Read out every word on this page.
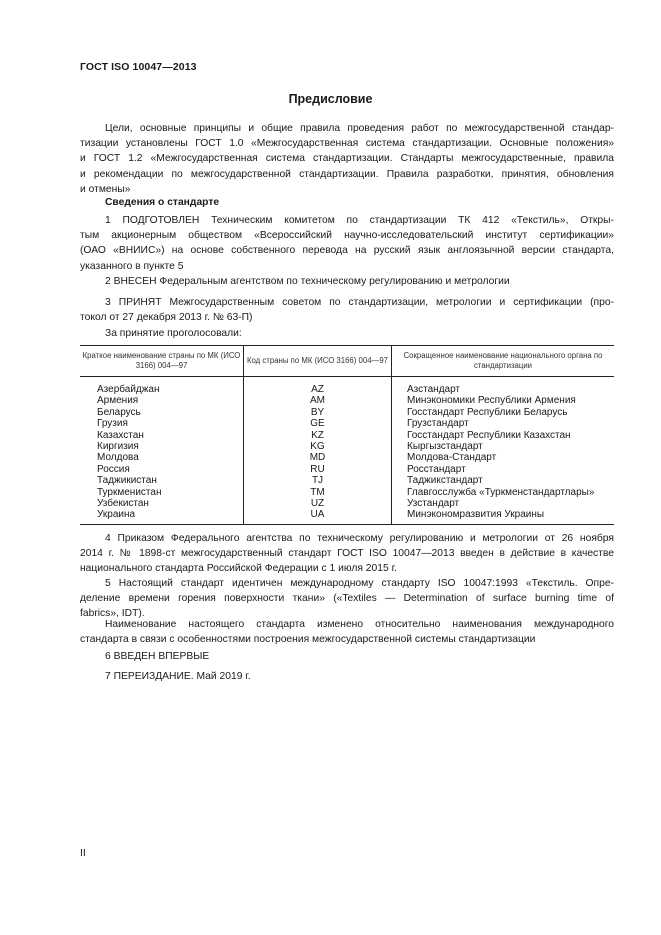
ГОСТ ISO 10047—2013
Предисловие
Цели, основные принципы и общие правила проведения работ по межгосударственной стандар-
тизации установлены ГОСТ 1.0 «Межгосударственная система стандартизации. Основные положения»
и ГОСТ 1.2 «Межгосударственная система стандартизации. Стандарты межгосударственные, правила
и рекомендации по межгосударственной стандартизации. Правила разработки, принятия, обновления
и отмены»
Сведения о стандарте
1 ПОДГОТОВЛЕН Техническим комитетом по стандартизации ТК 412 «Текстиль», Откры-
тым акционерным обществом «Всероссийский научно-исследовательский институт сертификации»
(ОАО «ВНИИС») на основе собственного перевода на русский язык англоязычной версии стандарта,
указанного в пункте 5
2 ВНЕСЕН Федеральным агентством по техническому регулированию и метрологии
3 ПРИНЯТ Межгосударственным советом по стандартизации, метрологии и сертификации (про-
токол от 27 декабря 2013 г. № 63-П)
За принятие проголосовали:
Краткое наименование страны по МК (ИСО 3166) 004—97	Код страны по МК (ИСО 3166) 004—97	Сокращенное наименование национального органа по стандартизации
Азербайджан	AZ	Азстандарт
Армения	AM	Минэкономики Республики Армения
Беларусь	BY	Госстандарт Республики Беларусь
Грузия	GE	Грузстандарт
Казахстан	KZ	Госстандарт Республики Казахстан
Киргизия	KG	Кыргызстандарт
Молдова	MD	Молдова-Стандарт
Россия	RU	Росстандарт
Таджикистан	TJ	Таджикстандарт
Туркменистан	TM	Главгосслужба «Туркменстандартлары»
Узбекистан	UZ	Узстандарт
Украина	UA	Минэкономразвития Украины
4 Приказом Федерального агентства по техническому регулированию и метрологии от 26 ноября
2014 г. № 1898-ст межгосударственный стандарт ГОСТ ISO 10047—2013 введен в действие в качестве
национального стандарта Российской Федерации с 1 июля 2015 г.
5 Настоящий стандарт идентичен международному стандарту ISO 10047:1993 «Текстиль. Опре-
деление времени горения поверхности ткани» («Textiles — Determination of surface burning time of
fabrics», IDT).
Наименование настоящего стандарта изменено относительно наименования международного
стандарта в связи с особенностями построения межгосударственной системы стандартизации
6 ВВЕДЕН ВПЕРВЫЕ
7 ПЕРЕИЗДАНИЕ. Май 2019 г.
II
